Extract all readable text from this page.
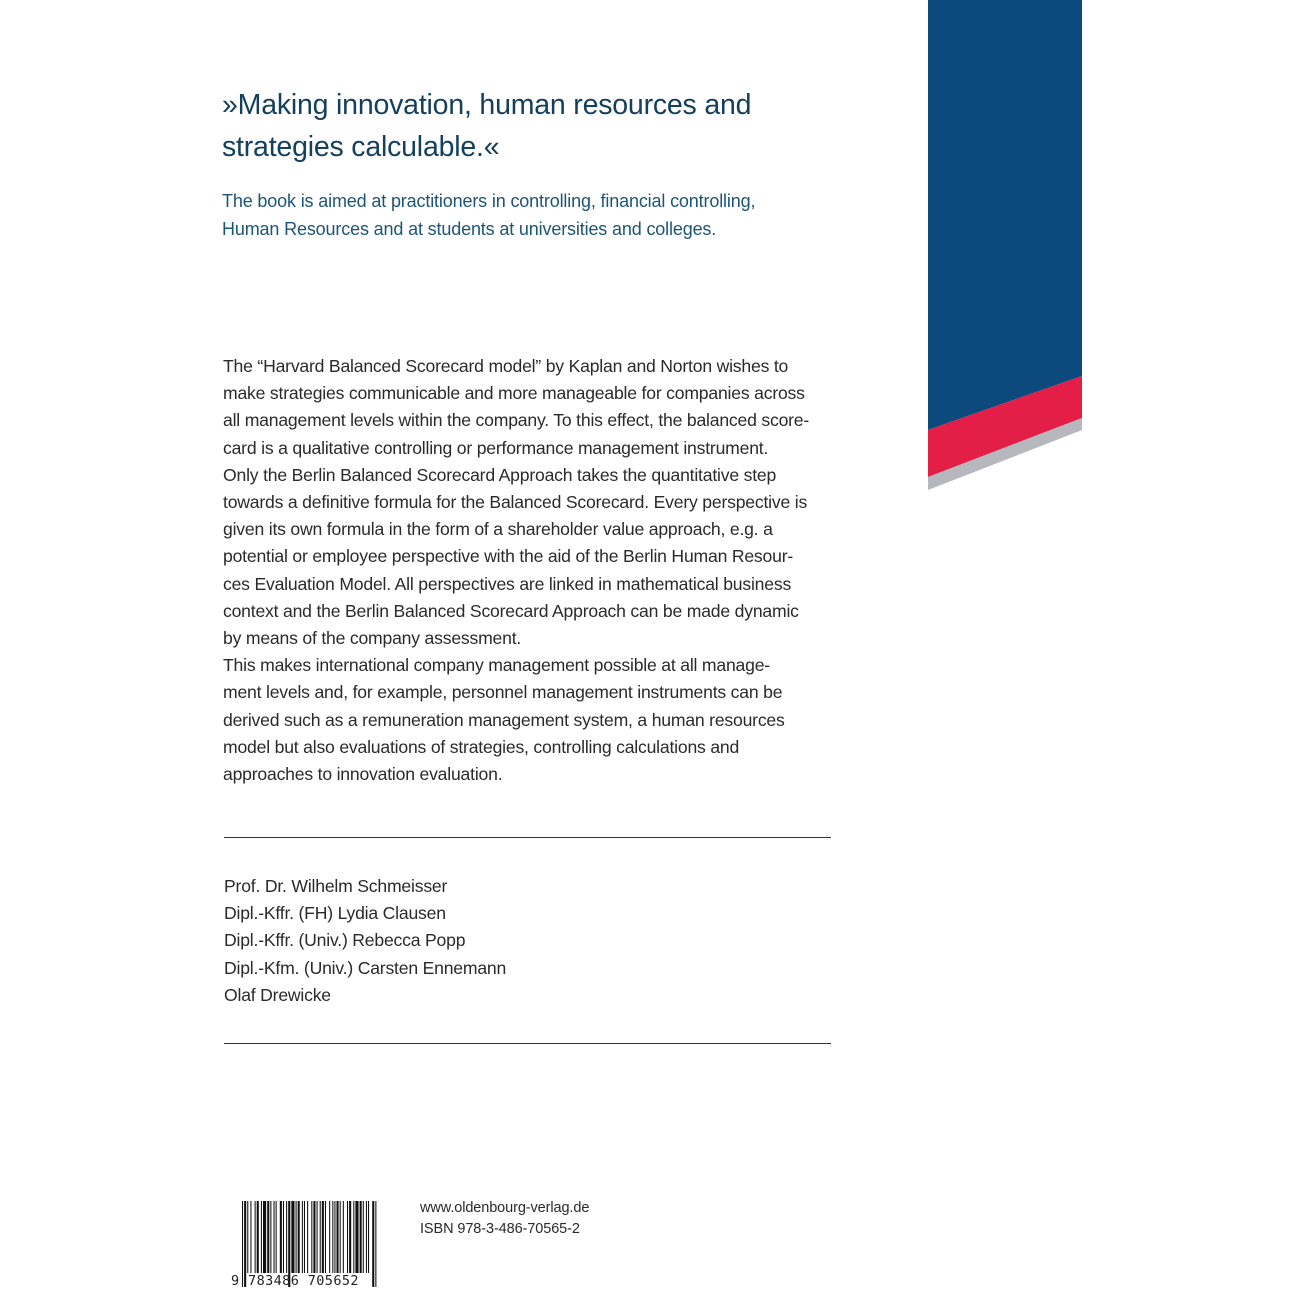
»Making innovation, human resources and
strategies calculable.«
The book is aimed at practitioners in controlling, financial controlling,
Human Resources and at students at universities and colleges.
The “Harvard Balanced Scorecard model” by Kaplan and Norton wishes to
make strategies communicable and more manageable for companies across
all management levels within the company. To this effect, the balanced score-
card is a qualitative controlling or performance management instrument.
Only the Berlin Balanced Scorecard Approach takes the quantitative step
towards a definitive formula for the Balanced Scorecard. Every perspective is
given its own formula in the form of a shareholder value approach, e.g. a
potential or employee perspective with the aid of the Berlin Human Resour-
ces Evaluation Model. All perspectives are linked in mathematical business
context and the Berlin Balanced Scorecard Approach can be made dynamic
by means of the company assessment.
This makes international company management possible at all manage-
ment levels and, for example, personnel management instruments can be
derived such as a remuneration management system, a human resources
model but also evaluations of strategies, controlling calculations and
approaches to innovation evaluation.
Prof. Dr. Wilhelm Schmeisser
Dipl.-Kffr. (FH) Lydia Clausen
Dipl.-Kffr. (Univ.) Rebecca Popp
Dipl.-Kfm. (Univ.) Carsten Ennemann
Olaf Drewicke
9 783486 705652
www.oldenbourg-verlag.de
ISBN 978-3-486-70565-2
